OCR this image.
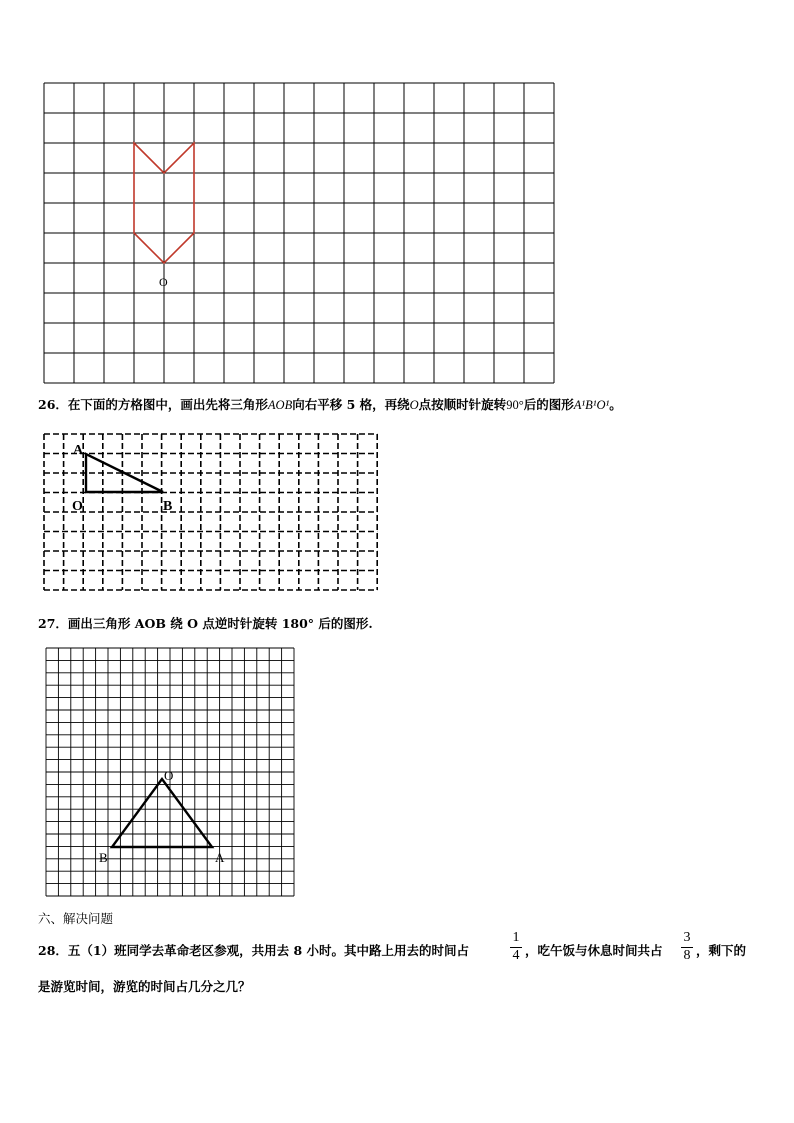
O
26．在下面的方格图中，画出先将三角形AOB向右平移 5 格，再绕O点按顺时针旋转90°后的图形A¹B¹O¹。
A
O	B
27．画出三角形 AOB 绕 O 点逆时针旋转 180° 后的图形.
O
B	A
六、解决问题
28．五（1）班同学去革命老区参观，共用去 8 小时。其中路上用去的时间占
1
4 ，吃午饭与休息时间共占
3
8 ，剩下的
是游览时间，游览的时间占几分之几？
